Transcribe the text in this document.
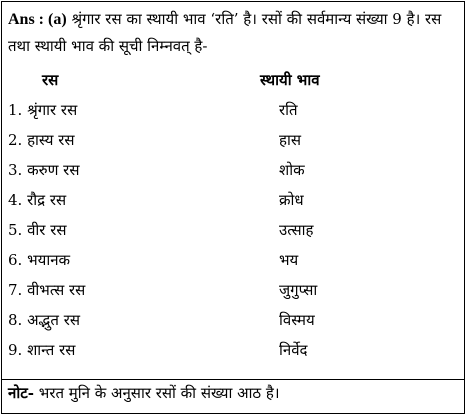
Ans : (a) श्रृंगार रस का स्थायी भाव ‘रति’ है। रसों की सर्वमान्य संख्या 9 है। रस तथा स्थायी भाव की सूची निम्नवत् है-
रस	स्थायी भाव
1. श्रृंगार रस	रति
2. हास्य रस	हास
3. करुण रस	शोक
4. रौद्र रस	क्रोध
5. वीर रस	उत्साह
6. भयानक	भय
7. वीभत्स रस	जुगुप्सा
8. अद्भुत रस	विस्मय
9. शान्त रस	निर्वेद
नोट- भरत मुनि के अनुसार रसों की संख्या आठ है।
